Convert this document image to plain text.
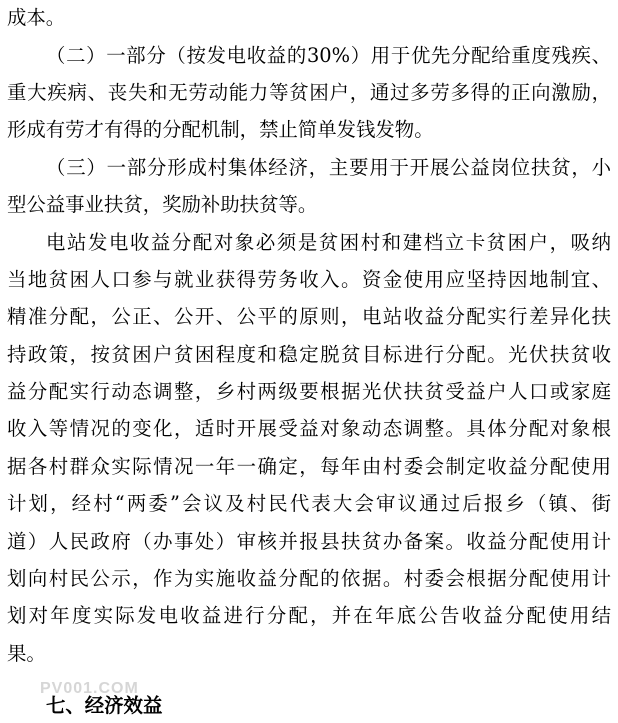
成本。
（二）一部分（按发电收益的30%）用于优先分配给重度残疾、
重大疾病、丧失和无劳动能力等贫困户，通过多劳多得的正向激励，
形成有劳才有得的分配机制，禁止简单发钱发物。
（三）一部分形成村集体经济，主要用于开展公益岗位扶贫，小
型公益事业扶贫，奖励补助扶贫等。
电站发电收益分配对象必须是贫困村和建档立卡贫困户，吸纳
当地贫困人口参与就业获得劳务收入。资金使用应坚持因地制宜、
精准分配，公正、公开、公平的原则，电站收益分配实行差异化扶
持政策，按贫困户贫困程度和稳定脱贫目标进行分配。光伏扶贫收
益分配实行动态调整，乡村两级要根据光伏扶贫受益户人口或家庭
收入等情况的变化，适时开展受益对象动态调整。具体分配对象根
据各村群众实际情况一年一确定，每年由村委会制定收益分配使用
计划，经村“两委”会议及村民代表大会审议通过后报乡（镇、街
道）人民政府（办事处）审核并报县扶贫办备案。收益分配使用计
划向村民公示，作为实施收益分配的依据。村委会根据分配使用计
划对年度实际发电收益进行分配，并在年底公告收益分配使用结
果。
PV001.COM
七、经济效益
